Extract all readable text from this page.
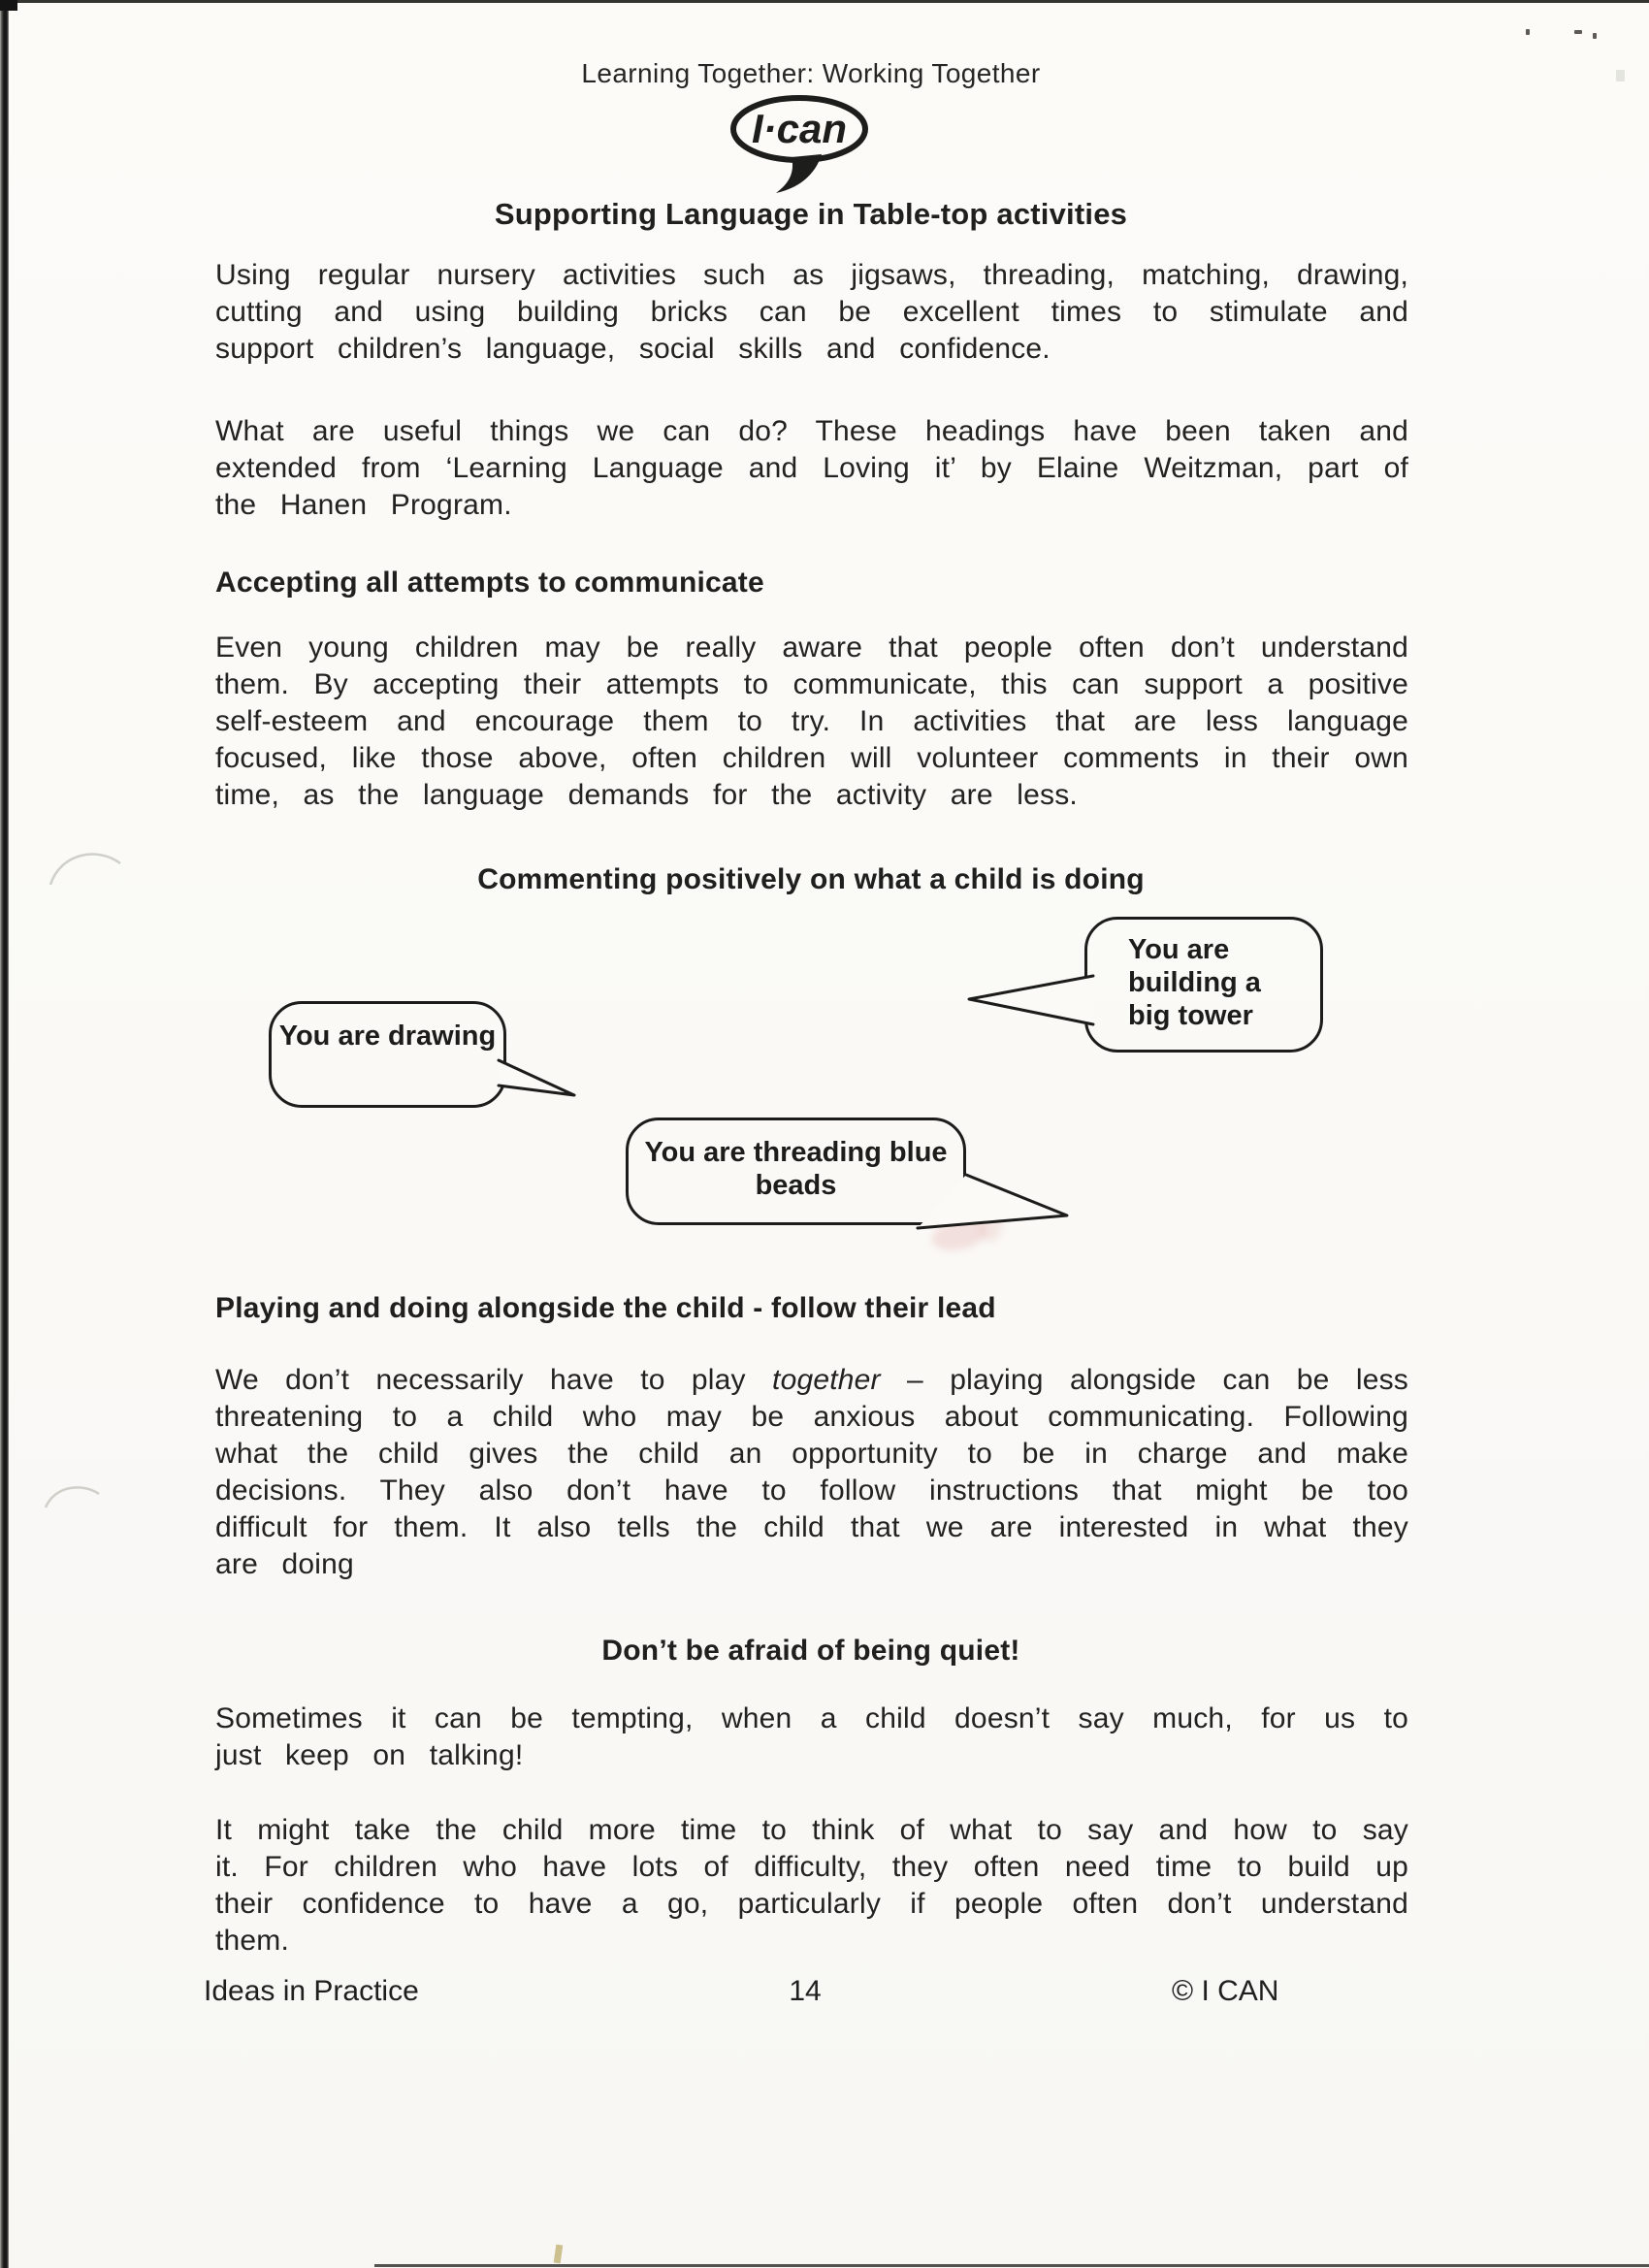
Learning Together: Working Together
I·can
Supporting Language in Table-top activities
Using regular nursery activities such as jigsaws, threading, matching, drawing, cutting and using building bricks can be excellent times to stimulate and support children’s language, social skills and confidence.
What are useful things we can do? These headings have been taken and extended from ‘Learning Language and Loving it’ by Elaine Weitzman, part of the Hanen Program.
Accepting all attempts to communicate
Even young children may be really aware that people often don’t understand them. By accepting their attempts to communicate, this can support a positive self-esteem and encourage them to try. In activities that are less language focused, like those above, often children will volunteer comments in their own time, as the language demands for the activity are less.
Commenting positively on what a child is doing
You are building a big tower
You are drawing
You are threading blue beads
Playing and doing alongside the child - follow their lead
We don’t necessarily have to play together – playing alongside can be less threatening to a child who may be anxious about communicating. Following what the child gives the child an opportunity to be in charge and make decisions. They also don’t have to follow instructions that might be too difficult for them. It also tells the child that we are interested in what they are doing
Don’t be afraid of being quiet!
Sometimes it can be tempting, when a child doesn’t say much, for us to just keep on talking!
It might take the child more time to think of what to say and how to say it. For children who have lots of difficulty, they often need time to build up their confidence to have a go, particularly if people often don’t understand them.
Ideas in Practice	14	© I CAN
